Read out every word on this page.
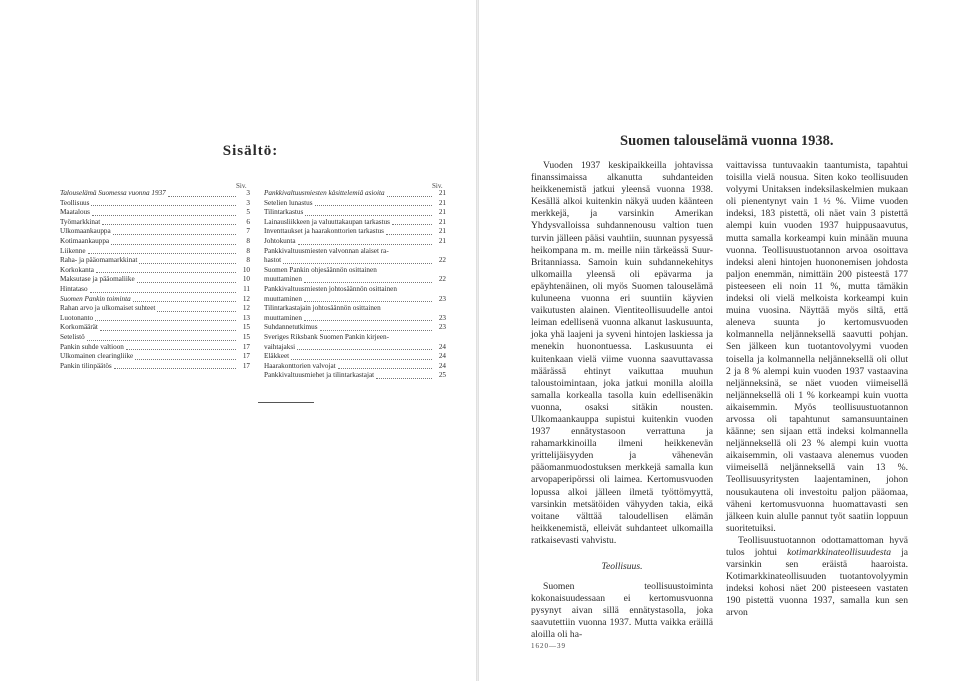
Sisältö:
Siv.	Siv.
Talouselämä Suomessa vuonna 1937	3
Teollisuus	3
Maatalous	5
Työmarkkinat	6
Ulkomaankauppa	7
Kotimaankauppa	8
Liikenne	8
Raha- ja pääomamarkkinat	8
Korkokanta	10
Maksutase ja pääomaliike	10
Hintataso	11
Suomen Pankin toiminta	12
Rahan arvo ja ulkomaiset suhteet	12
Luotonanto	13
Korkomäärät	15
Setelistö	15
Pankin suhde valtioon	17
Ulkomainen clearingliike	17
Pankin tilinpäätös	17
Pankkivaltuusmiesten käsittelemiä asioita	21
Setelien lunastus	21
Tilintarkastus	21
Lainausliikkeen ja valuuttakaupan tarkastus	21
Inventtaukset ja haarakonttorien tarkastus	21
Johtokunta	21
Pankkivaltuusmiesten valvonnan alaiset ra-
hastot	22
Suomen Pankin ohjesäännön osittainen
muuttaminen	22
Pankkivaltuusmiesten johtosäännön osittainen
muuttaminen	23
Tilintarkastajain johtosäännön osittainen
muuttaminen	23
Suhdannetutkimus	23
Sveriges Riksbank Suomen Pankin kirjeen-
vaihtajaksi	24
Eläkkeet	24
Haarakonttorien valvojat	24
Pankkivaltuusmiehet ja tilintarkastajat	25
Suomen talouselämä vuonna 1938.

Vuoden 1937 keskipaikkeilla johtavissa finanssimaissa alkanutta suhdanteiden heikkenemistä jatkui yleensä vuonna 1938. Kesällä alkoi kuitenkin näkyä uuden käänteen merkkejä, ja varsinkin Amerikan Yhdysvalloissa suhdannenousu valtion tuen turvin jälleen pääsi vauhtiin, suunnan pysyessä heikompana m. m. meille niin tärkeässä Suur-Britanniassa. Samoin kuin suhdannekehitys ulkomailla yleensä oli epävarma ja epäyhtenäinen, oli myös Suomen talouselämä kuluneena vuonna eri suuntiin käyvien vaikutusten alainen. Vientiteollisuudelle antoi leiman edellisenä vuonna alkanut laskusuunta, joka yhä laajeni ja syveni hintojen laskiessa ja menekin huonontuessa. Laskusuunta ei kuitenkaan vielä viime vuonna saavuttavassa määrässä ehtinyt vaikuttaa muuhun taloustoimintaan, joka jatkui monilla aloilla samalla korkealla tasolla kuin edellisenäkin vuonna, osaksi sitäkin nousten. Ulkomaankauppa supistui kuitenkin vuoden 1937 ennätystasoon verrattuna ja rahamarkkinoilla ilmeni heikkenevän yrittelijäisyyden ja vähenevän pääomanmuodostuksen merkkejä samalla kun arvopaperipörssi oli laimea. Kertomusvuoden lopussa alkoi jälleen ilmetä työttömyyttä, varsinkin metsätöiden vähyyden takia, eikä voitane välttää taloudellisen elämän heikkenemistä, elleivät suhdanteet ulkomailla ratkaisevasti vahvistu.

Teollisuus.

Suomen teollisuustoiminta kokonaisuudessaan ei kertomusvuonna pysynyt aivan sillä ennätystasolla, joka saavutettiin vuonna 1937. Mutta vaikka eräillä aloilla oli ha-

vaittavissa tuntuvaakin taantumista, tapahtui toisilla vielä nousua. Siten koko teollisuuden volyymi Unitaksen indeksilaskelmien mukaan oli pienentynyt vain 1 ½ %. Viime vuoden indeksi, 183 pistettä, oli näet vain 3 pistettä alempi kuin vuoden 1937 huippusaavutus, mutta samalla korkeampi kuin minään muuna vuonna. Teollisuustuotannon arvoa osoittava indeksi aleni hintojen huononemisen johdosta paljon enemmän, nimittäin 200 pisteestä 177 pisteeseen eli noin 11 %, mutta tämäkin indeksi oli vielä melkoista korkeampi kuin muina vuosina. Näyttää myös siltä, että aleneva suunta jo kertomusvuoden kolmannella neljänneksellä saavutti pohjan. Sen jälkeen kun tuotantovolyymi vuoden toisella ja kolmannella neljänneksellä oli ollut 2 ja 8 % alempi kuin vuoden 1937 vastaavina neljänneksinä, se näet vuoden viimeisellä neljänneksellä oli 1 % korkeampi kuin vuotta aikaisemmin. Myös teollisuustuotannon arvossa oli tapahtunut samansuuntainen käänne; sen sijaan että indeksi kolmannella neljänneksellä oli 23 % alempi kuin vuotta aikaisemmin, oli vastaava alenemus vuoden viimeisellä neljänneksellä vain 13 %. Teollisuusyritysten laajentaminen, johon nousukautena oli investoitu paljon pääomaa, väheni kertomusvuonna huomattavasti sen jälkeen kuin alulle pannut työt saatiin loppuun suoritetuiksi.

Teollisuustuotannon odottamattoman hyvä tulos johtui kotimarkkinateollisuudesta ja varsinkin sen eräistä haaroista. Kotimarkkinateollisuuden tuotantovolyymin indeksi kohosi näet 200 pisteeseen vastaten 190 pistettä vuonna 1937, samalla kun sen arvon

1620—39
